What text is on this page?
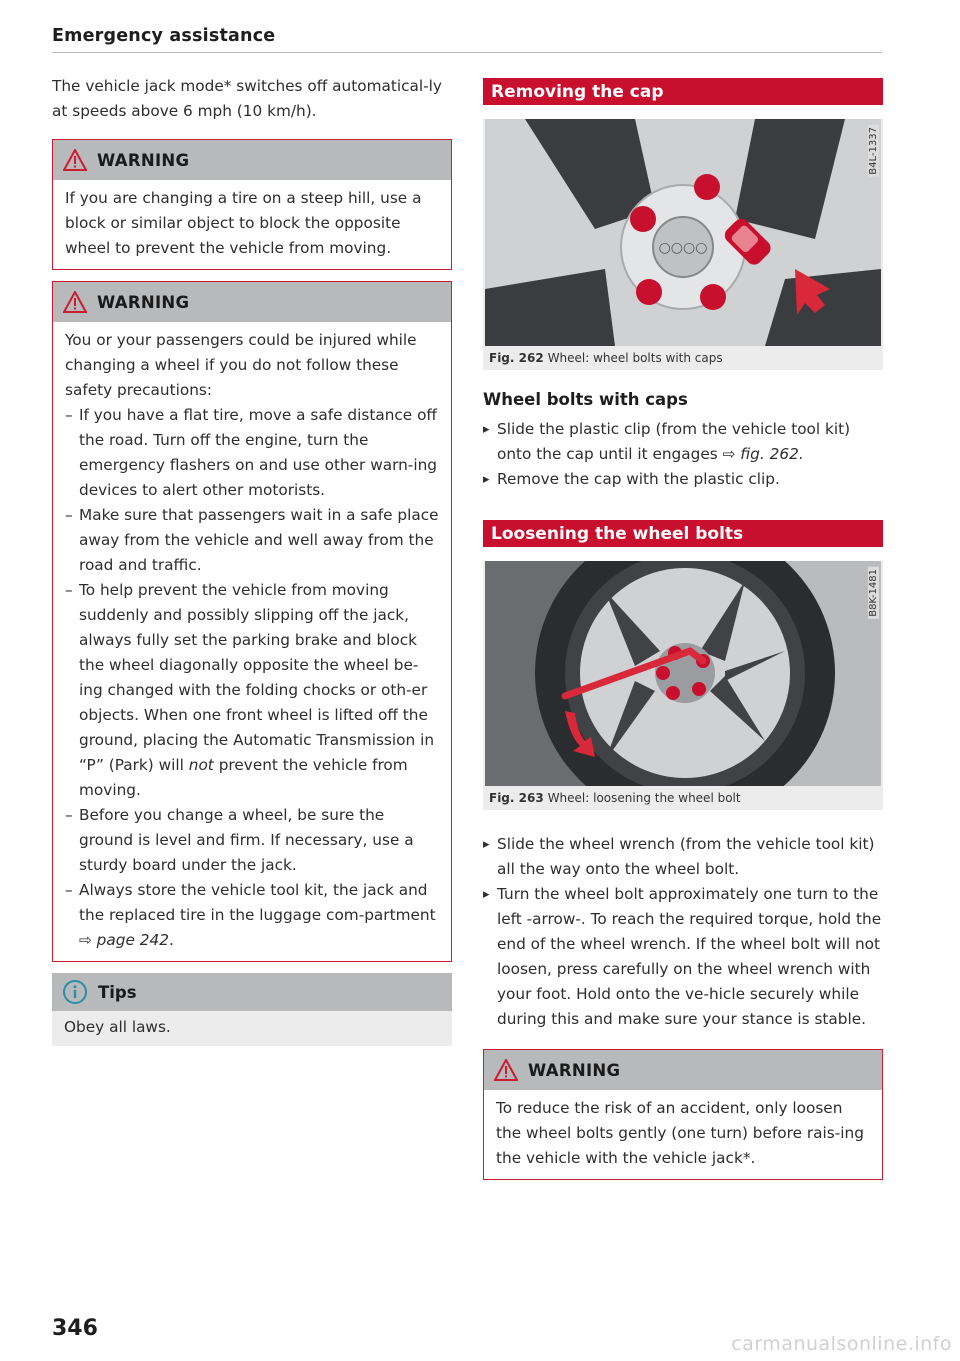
Emergency assistance

The vehicle jack mode* switches off automatical-ly at speeds above 6 mph (10 km/h).

WARNING
If you are changing a tire on a steep hill, use a block or similar object to block the opposite wheel to prevent the vehicle from moving.
WARNING
You or your passengers could be injured while changing a wheel if you do not follow these safety precautions:
– If you have a flat tire, move a safe distance off the road. Turn off the engine, turn the emergency flashers on and use other warn-ing devices to alert other motorists.
– Make sure that passengers wait in a safe place away from the vehicle and well away from the road and traffic.
– To help prevent the vehicle from moving suddenly and possibly slipping off the jack, always fully set the parking brake and block the wheel diagonally opposite the wheel be-ing changed with the folding chocks or oth-er objects. When one front wheel is lifted off the ground, placing the Automatic Transmission in “P” (Park) will not prevent the vehicle from moving.
– Before you change a wheel, be sure the ground is level and firm. If necessary, use a sturdy board under the jack.
– Always store the vehicle tool kit, the jack and the replaced tire in the luggage com-partment ⇨ page 242.
Tips
Obey all laws.
Removing the cap
○○○○
B4L-1337
Fig. 262 Wheel: wheel bolts with caps
Wheel bolts with caps
▸ Slide the plastic clip (from the vehicle tool kit) onto the cap until it engages ⇨ fig. 262.
▸ Remove the cap with the plastic clip.
Loosening the wheel bolts
B8K-1481
Fig. 263 Wheel: loosening the wheel bolt
▸ Slide the wheel wrench (from the vehicle tool kit) all the way onto the wheel bolt.
▸ Turn the wheel bolt approximately one turn to the left -arrow-. To reach the required torque, hold the end of the wheel wrench. If the wheel bolt will not loosen, press carefully on the wheel wrench with your foot. Hold onto the ve-hicle securely while during this and make sure your stance is stable.
WARNING
To reduce the risk of an accident, only loosen the wheel bolts gently (one turn) before rais-ing the vehicle with the vehicle jack*.
346
carmanualsonline.info
